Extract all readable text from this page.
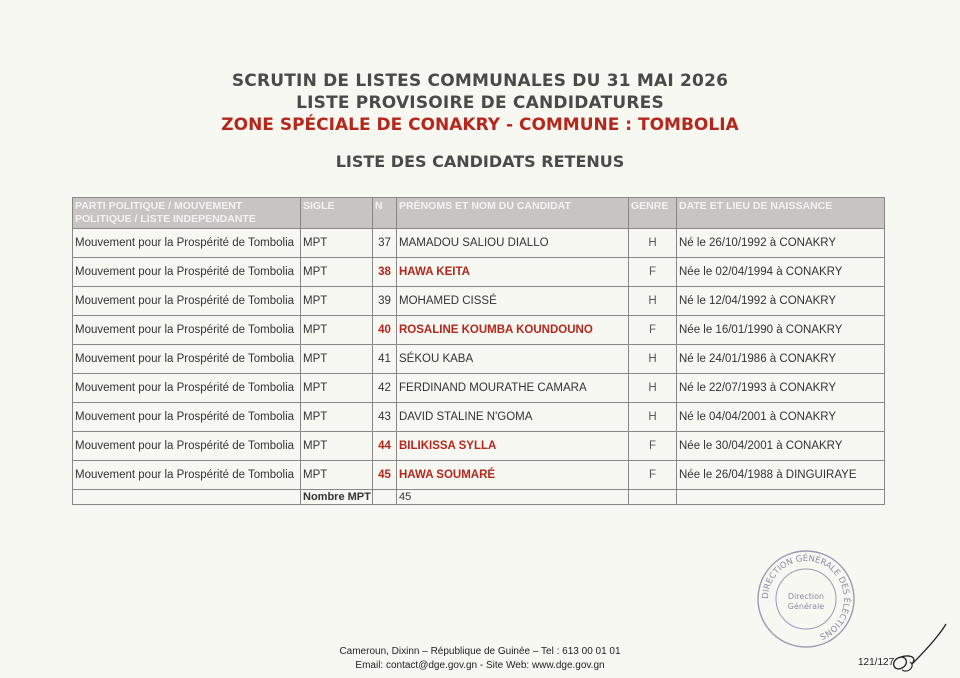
SCRUTIN DE LISTES COMMUNALES DU 31 MAI 2026
LISTE PROVISOIRE DE CANDIDATURES
ZONE SPÉCIALE DE CONAKRY - COMMUNE : TOMBOLIA
LISTE DES CANDIDATS RETENUS
PARTI POLITIQUE / MOUVEMENT POLITIQUE / LISTE INDEPENDANTE	SIGLE	N	PRÉNOMS ET NOM DU CANDIDAT	GENRE	DATE ET LIEU DE NAISSANCE
Mouvement pour la Prospérité de Tombolia	MPT	37	MAMADOU SALIOU DIALLO	H	Né le 26/10/1992 à CONAKRY
Mouvement pour la Prospérité de Tombolia	MPT	38	HAWA KEITA	F	Née le 02/04/1994 à CONAKRY
Mouvement pour la Prospérité de Tombolia	MPT	39	MOHAMED CISSÉ	H	Né le 12/04/1992 à CONAKRY
Mouvement pour la Prospérité de Tombolia	MPT	40	ROSALINE KOUMBA KOUNDOUNO	F	Née le 16/01/1990 à CONAKRY
Mouvement pour la Prospérité de Tombolia	MPT	41	SÉKOU KABA	H	Né le 24/01/1986 à CONAKRY
Mouvement pour la Prospérité de Tombolia	MPT	42	FERDINAND MOURATHE CAMARA	H	Né le 22/07/1993 à CONAKRY
Mouvement pour la Prospérité de Tombolia	MPT	43	DAVID STALINE N'GOMA	H	Né le 04/04/2001 à CONAKRY
Mouvement pour la Prospérité de Tombolia	MPT	44	BILIKISSA SYLLA	F	Née le 30/04/2001 à CONAKRY
Mouvement pour la Prospérité de Tombolia	MPT	45	HAWA SOUMARÉ	F	Née le 26/04/1988 à DINGUIRAYE
	Nombre MPT		45		
DIRECTION GÉNÉRALE DES ÉLECTIONS
Direction
Générale
Cameroun, Dixinn – République de Guinée – Tel : 613 00 01 01
Email: contact@dge.gov.gn - Site Web: www.dge.gov.gn	121/127
